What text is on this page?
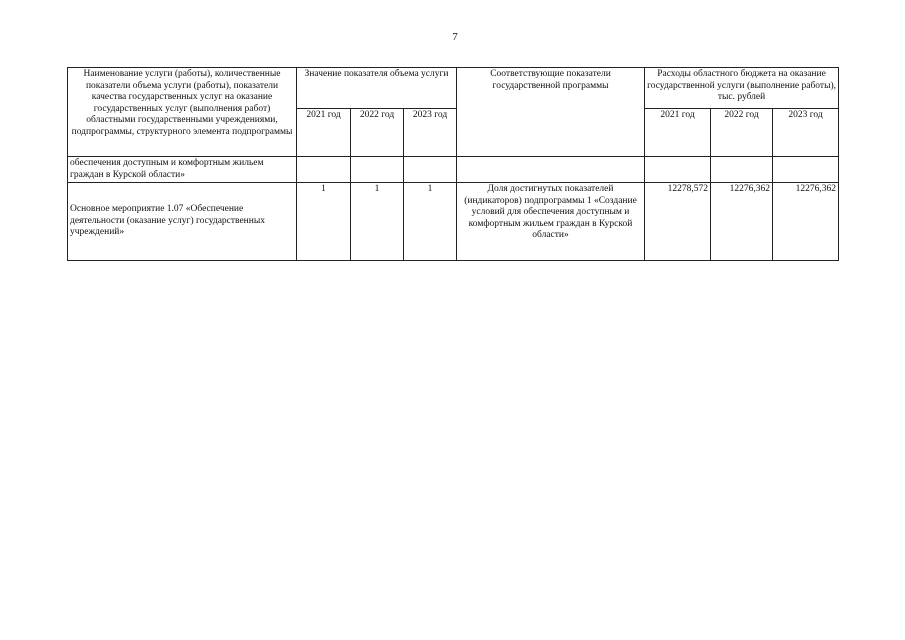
7
Наименование услуги (работы), количественные показатели объема услуги (работы), показатели качества государственных услуг на оказание государственных услуг (выполнения работ) областными государственными учреждениями, подпрограммы, структурного элемента подпрограммы	Значение показателя объема услуги			Соответствующие показатели государственной программы	Расходы областного бюджета на оказание государственной услуги (выполнение работы), тыс. рублей		
	2021 год	2022 год	2023 год		2021 год	2022 год	2023 год
обеспечения доступным и комфортным жильем граждан в Курской области»							
Основное мероприятие 1.07 «Обеспечение деятельности (оказание услуг) государственных учреждений»	1	1	1	Доля достигнутых показателей (индикаторов) подпрограммы 1 «Создание условий для обеспечения доступным и комфортным жильем граждан в Курской области»	12278,572	12276,362	12276,362
